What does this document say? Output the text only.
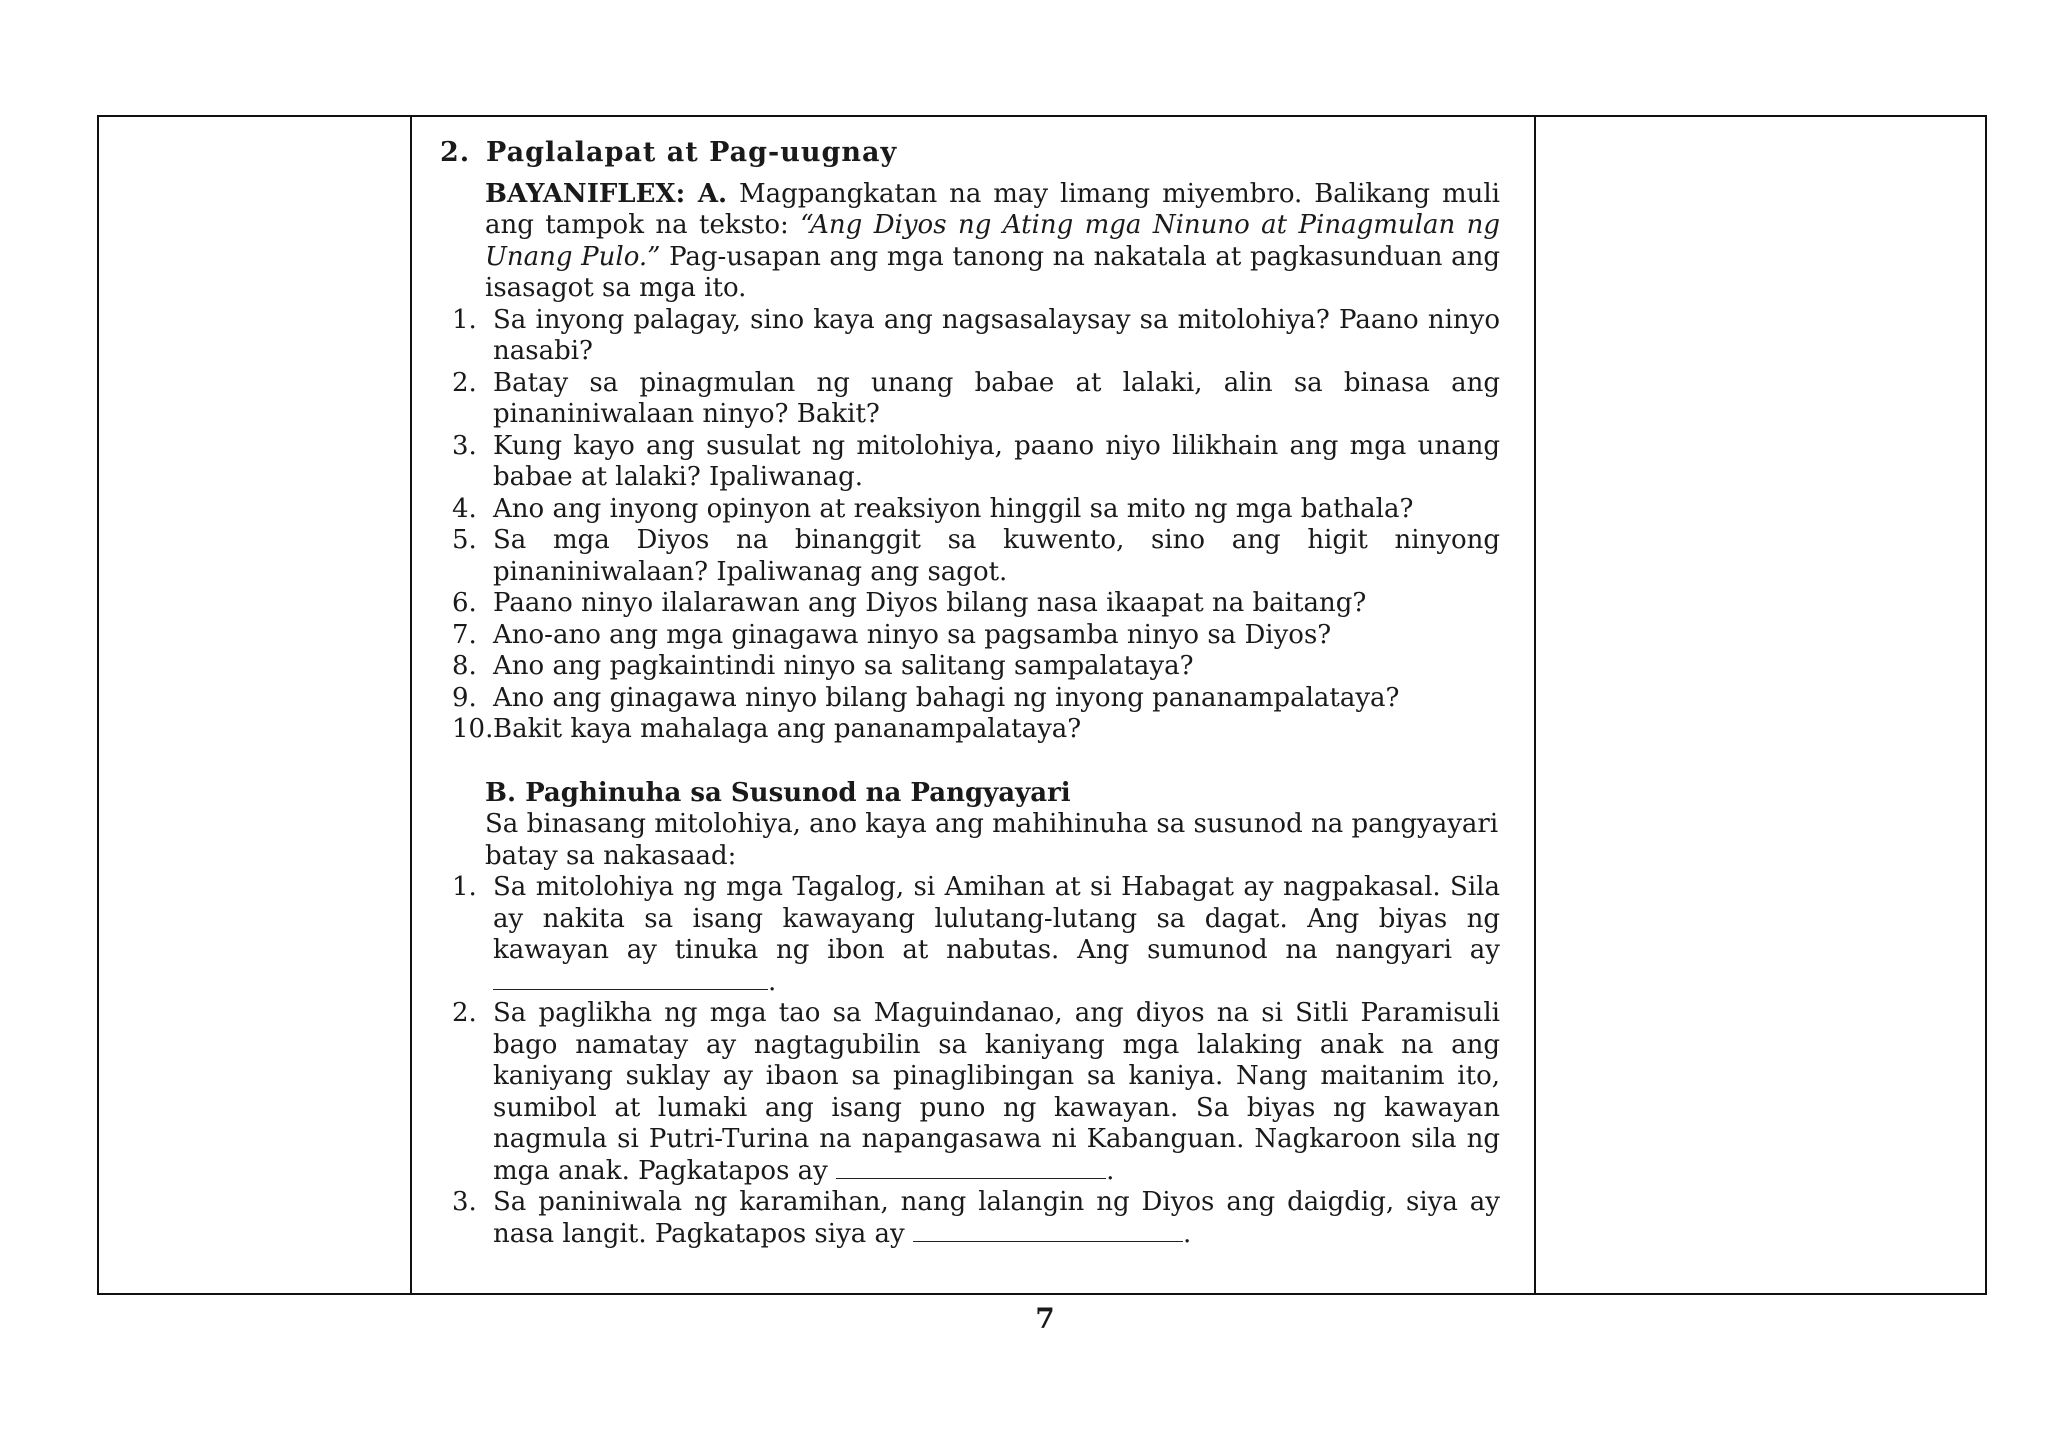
2. Paglalapat at Pag-uugnay
BAYANIFLEX: A. Magpangkatan na may limang miyembro. Balikang muli ang tampok na teksto: “Ang Diyos ng Ating mga Ninuno at Pinagmulan ng Unang Pulo.” Pag-usapan ang mga tanong na nakatala at pagkasunduan ang isasagot sa mga ito.
1. Sa inyong palagay, sino kaya ang nagsasalaysay sa mitolohiya? Paano ninyo nasabi?
2. Batay sa pinagmulan ng unang babae at lalaki, alin sa binasa ang pinaniniwalaan ninyo? Bakit?
3. Kung kayo ang susulat ng mitolohiya, paano niyo lilikhain ang mga unang babae at lalaki? Ipaliwanag.
4. Ano ang inyong opinyon at reaksiyon hinggil sa mito ng mga bathala?
5. Sa mga Diyos na binanggit sa kuwento, sino ang higit ninyong pinaniniwalaan? Ipaliwanag ang sagot.
6. Paano ninyo ilalarawan ang Diyos bilang nasa ikaapat na baitang?
7. Ano-ano ang mga ginagawa ninyo sa pagsamba ninyo sa Diyos?
8. Ano ang pagkaintindi ninyo sa salitang sampalataya?
9. Ano ang ginagawa ninyo bilang bahagi ng inyong pananampalataya?
10. Bakit kaya mahalaga ang pananampalataya?
B. Paghinuha sa Susunod na Pangyayari
Sa binasang mitolohiya, ano kaya ang mahihinuha sa susunod na pangyayari batay sa nakasaad:
1. Sa mitolohiya ng mga Tagalog, si Amihan at si Habagat ay nagpakasal. Sila ay nakita sa isang kawayang lulutang-lutang sa dagat. Ang biyas ng kawayan ay tinuka ng ibon at nabutas. Ang sumunod na nangyari ay .
2. Sa paglikha ng mga tao sa Maguindanao, ang diyos na si Sitli Paramisuli bago namatay ay nagtagubilin sa kaniyang mga lalaking anak na ang kaniyang suklay ay ibaon sa pinaglibingan sa kaniya. Nang maitanim ito, sumibol at lumaki ang isang puno ng kawayan. Sa biyas ng kawayan nagmula si Putri-Turina na napangasawa ni Kabanguan. Nagkaroon sila ng mga anak. Pagkatapos ay	.
3. Sa paniniwala ng karamihan, nang lalangin ng Diyos ang daigdig, siya ay nasa langit. Pagkatapos siya ay	.
7
